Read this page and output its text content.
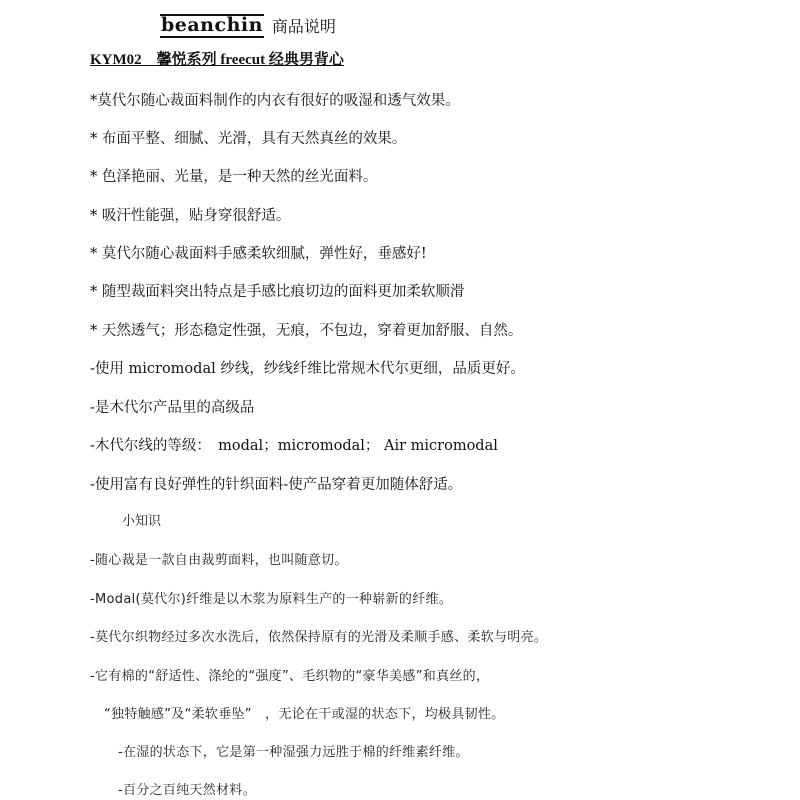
beanchin 商品说明
KYM02　馨悦系列 freecut 经典男背心
*莫代尔随心裁面料制作的内衣有很好的吸湿和透气效果。
* 布面平整、细腻、光滑，具有天然真丝的效果。
* 色泽艳丽、光量，是一种天然的丝光面料。
* 吸汗性能强，贴身穿很舒适。
* 莫代尔随心裁面料手感柔软细腻，弹性好，垂感好!
* 随型裁面料突出特点是手感比痕切边的面料更加柔软顺滑
* 天然透气；形态稳定性强，无痕，不包边，穿着更加舒服、自然。
-使用 micromodal 纱线，纱线纤维比常规木代尔更细，品质更好。
-是木代尔产品里的高级品
-木代尔线的等级：　modal；micromodal； Air micromodal
-使用富有良好弹性的针织面料-使产品穿着更加随体舒适。
小知识
-随心裁是一款自由裁剪面料，也叫随意切。
-Modal(莫代尔)纤维是以木浆为原料生产的一种崭新的纤维。
-莫代尔织物经过多次水洗后，依然保持原有的光滑及柔顺手感、柔软与明亮。
-它有棉的“舒适性、涤纶的“强度”、毛织物的“豪华美感”和真丝的，
“独特触感”及“柔软垂坠”　，无论在干或湿的状态下，均极具韧性。
-在湿的状态下，它是第一种湿强力远胜于棉的纤维素纤维。
-百分之百纯天然材料。
